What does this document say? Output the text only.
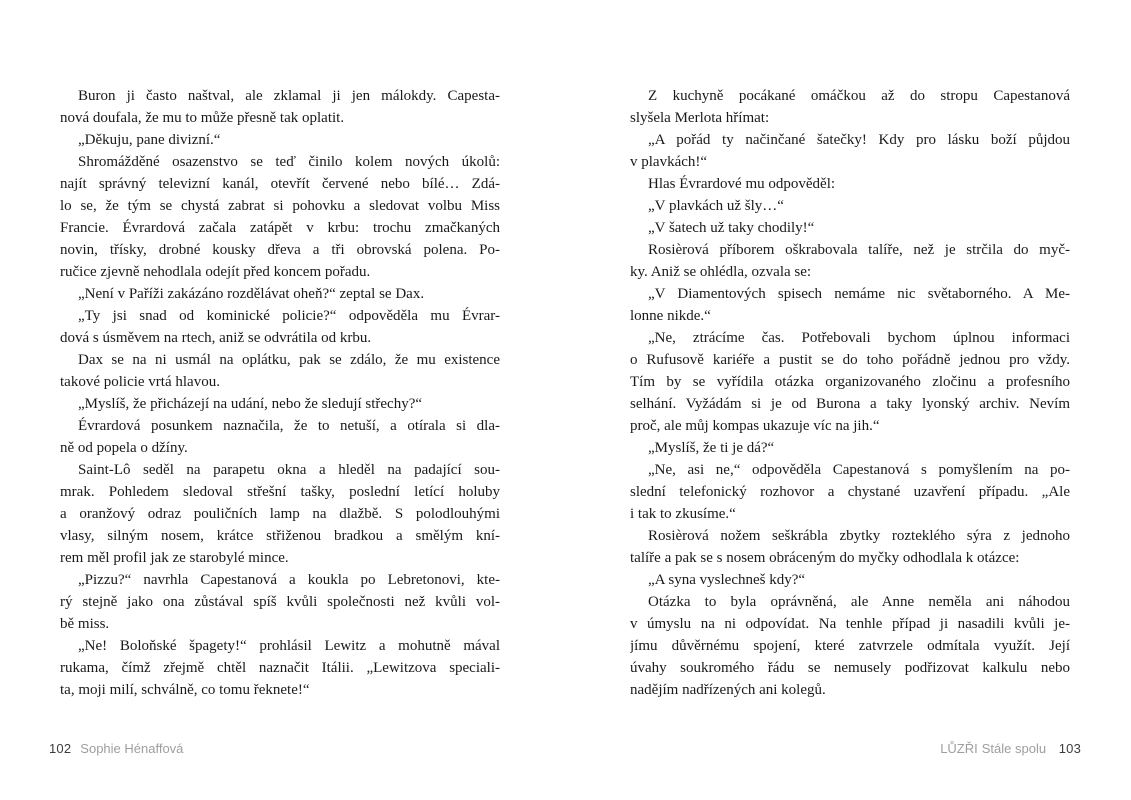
Buron ji často naštval, ale zklamal ji jen málokdy. Capesta-
nová doufala, že mu to může přesně tak oplatit.
„Děkuju, pane divizní.“
Shromážděné osazenstvo se teď činilo kolem nových úkolů:
najít správný televizní kanál, otevřít červené nebo bílé… Zdá-
lo se, že tým se chystá zabrat si pohovku a sledovat volbu Miss
Francie. Évrardová začala zatápět v krbu: trochu zmačkaných
novin, třísky, drobné kousky dřeva a tři obrovská polena. Po-
ručice zjevně nehodlala odejít před koncem pořadu.
„Není v Paříži zakázáno rozdělávat oheň?“ zeptal se Dax.
„Ty jsi snad od kominické policie?“ odpověděla mu Évrar-
dová s úsměvem na rtech, aniž se odvrátila od krbu.
Dax se na ni usmál na oplátku, pak se zdálo, že mu existence
takové policie vrtá hlavou.
„Myslíš, že přicházejí na udání, nebo že sledují střechy?“
Évrardová posunkem naznačila, že to netuší, a otírala si dla-
ně od popela o džíny.
Saint-Lô seděl na parapetu okna a hleděl na padající sou-
mrak. Pohledem sledoval střešní tašky, poslední letící holuby
a oranžový odraz pouličních lamp na dlažbě. S polodlouhými
vlasy, silným nosem, krátce střiženou bradkou a smělým kní-
rem měl profil jak ze starobylé mince.
„Pizzu?“ navrhla Capestanová a koukla po Lebretonovi, kte-
rý stejně jako ona zůstával spíš kvůli společnosti než kvůli vol-
bě miss.
„Ne! Boloňské špagety!“ prohlásil Lewitz a mohutně mával
rukama, čímž zřejmě chtěl naznačit Itálii. „Lewitzova speciali-
ta, moji milí, schválně, co tomu řeknete!“
Z kuchyně pocákané omáčkou až do stropu Capestanová
slyšela Merlota hřímat:
„A pořád ty načinčané šatečky! Kdy pro lásku boží půjdou
v plavkách!“
Hlas Évrardové mu odpověděl:
„V plavkách už šly…“
„V šatech už taky chodily!“
Rosièrová příborem oškrabovala talíře, než je strčila do myč-
ky. Aniž se ohlédla, ozvala se:
„V Diamentových spisech nemáme nic světaborného. A Me-
lonne nikde.“
„Ne, ztrácíme čas. Potřebovali bychom úplnou informaci
o Rufusově kariéře a pustit se do toho pořádně jednou pro vždy.
Tím by se vyřídila otázka organizovaného zločinu a profesního
selhání. Vyžádám si je od Burona a taky lyonský archiv. Nevím
proč, ale můj kompas ukazuje víc na jih.“
„Myslíš, že ti je dá?“
„Ne, asi ne,“ odpověděla Capestanová s pomyšlením na po-
slední telefonický rozhovor a chystané uzavření případu. „Ale
i tak to zkusíme.“
Rosièrová nožem seškrábla zbytky rozteklého sýra z jednoho
talíře a pak se s nosem obráceným do myčky odhodlala k otázce:
„A syna vyslechneš kdy?“
Otázka to byla oprávněná, ale Anne neměla ani náhodou
v úmyslu na ni odpovídat. Na tenhle případ ji nasadili kvůli je-
jímu důvěrnému spojení, které zatvrzele odmítala využít. Její
úvahy soukromého řádu se nemusely podřizovat kalkulu nebo
nadějím nadřízených ani kolegů.
102 Sophie Hénaffová	LŮZŘI Stále spolu 103
